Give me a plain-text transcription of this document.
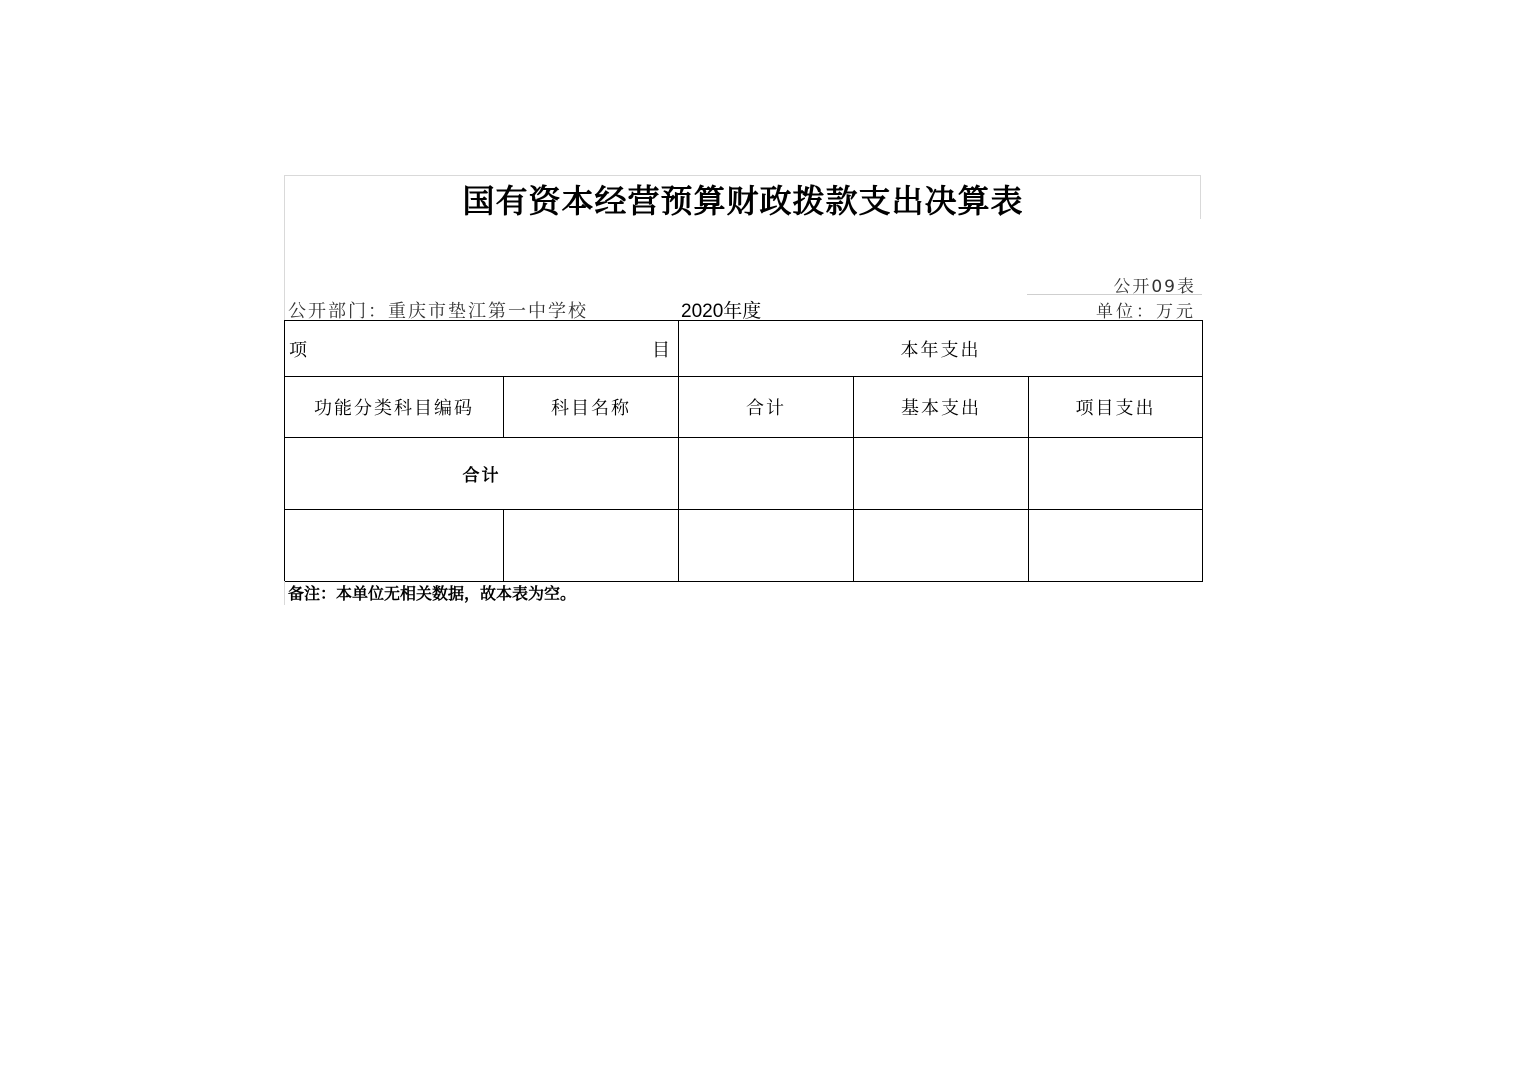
国有资本经营预算财政拨款支出决算表
公开09表
公开部门：重庆市垫江第一中学校	2020年度	单位：万元
项 目		本年支出		
功能分类科目编码	科目名称	合计	基本支出	项目支出
合计				

备注：本单位无相关数据，故本表为空。
